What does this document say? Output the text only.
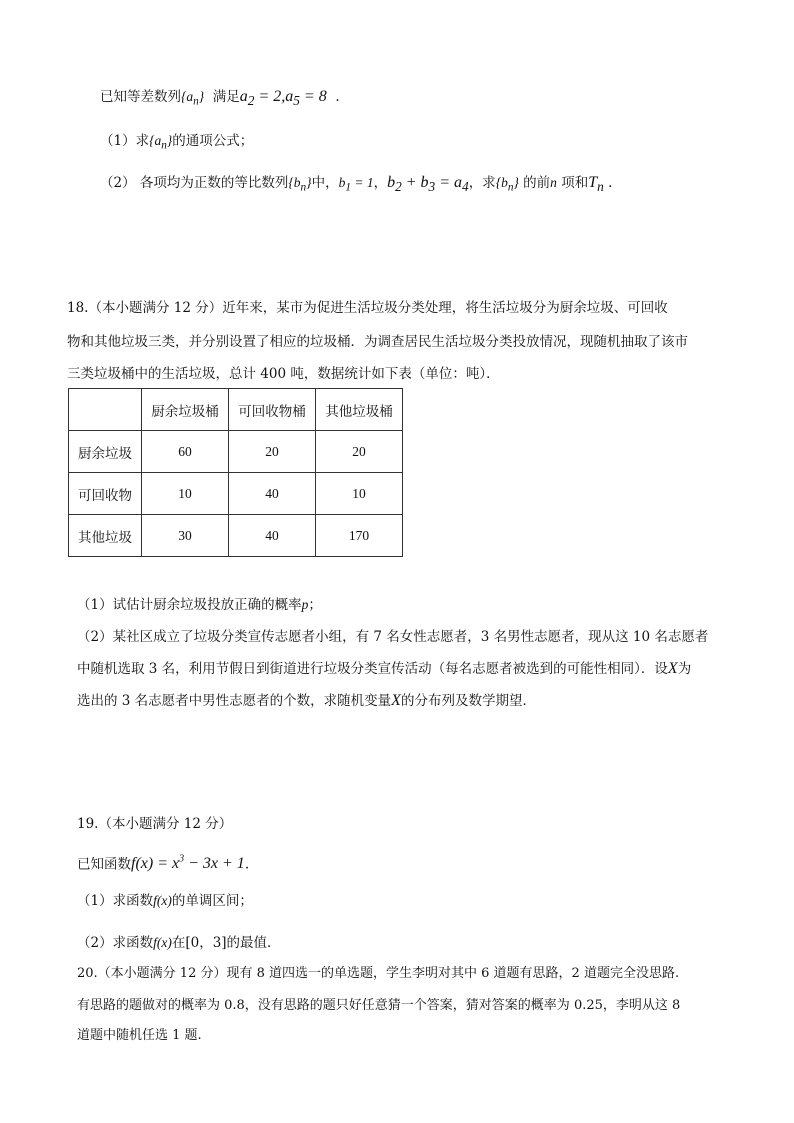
已知等差数列$\{a_n\}$ 满足$a_2 = 2,a_5 = 8$ .
（1）求$\{a_n\}$的通项公式；
（2） 各项均为正数的等比数列$\{b_n\}$中，$b_1 = 1$，$b_2 + b_3 = a_4$，求$\{b_n\}$ 的前n 项和$T_n$ .
18.（本小题满分 12 分）近年来，某市为促进生活垃圾分类处理，将生活垃圾分为厨余垃圾、可回收
物和其他垃圾三类，并分别设置了相应的垃圾桶．为调查居民生活垃圾分类投放情况，现随机抽取了该市
三类垃圾桶中的生活垃圾，总计 400 吨，数据统计如下表（单位：吨）．
	厨余垃圾桶	可回收物桶	其他垃圾桶
厨余垃圾	60	20	20
可回收物	10	40	10
其他垃圾	30	40	170
（1）试估计厨余垃圾投放正确的概率p；
（2）某社区成立了垃圾分类宣传志愿者小组，有 7 名女性志愿者，3 名男性志愿者，现从这 10 名志愿者
中随机选取 3 名，利用节假日到街道进行垃圾分类宣传活动（每名志愿者被选到的可能性相同）．设X为
选出的 3 名志愿者中男性志愿者的个数，求随机变量X的分布列及数学期望．
19.（本小题满分 12 分）
已知函数$f(x) = x^3 - 3x + 1$.
（1）求函数f(x)的单调区间；
（2）求函数f(x)在[0，3]的最值．
20.（本小题满分 12 分）现有 8 道四选一的单选题，学生李明对其中 6 道题有思路，2 道题完全没思路.
有思路的题做对的概率为 0.8，没有思路的题只好任意猜一个答案，猜对答案的概率为 0.25，李明从这 8
道题中随机任选 1 题.
